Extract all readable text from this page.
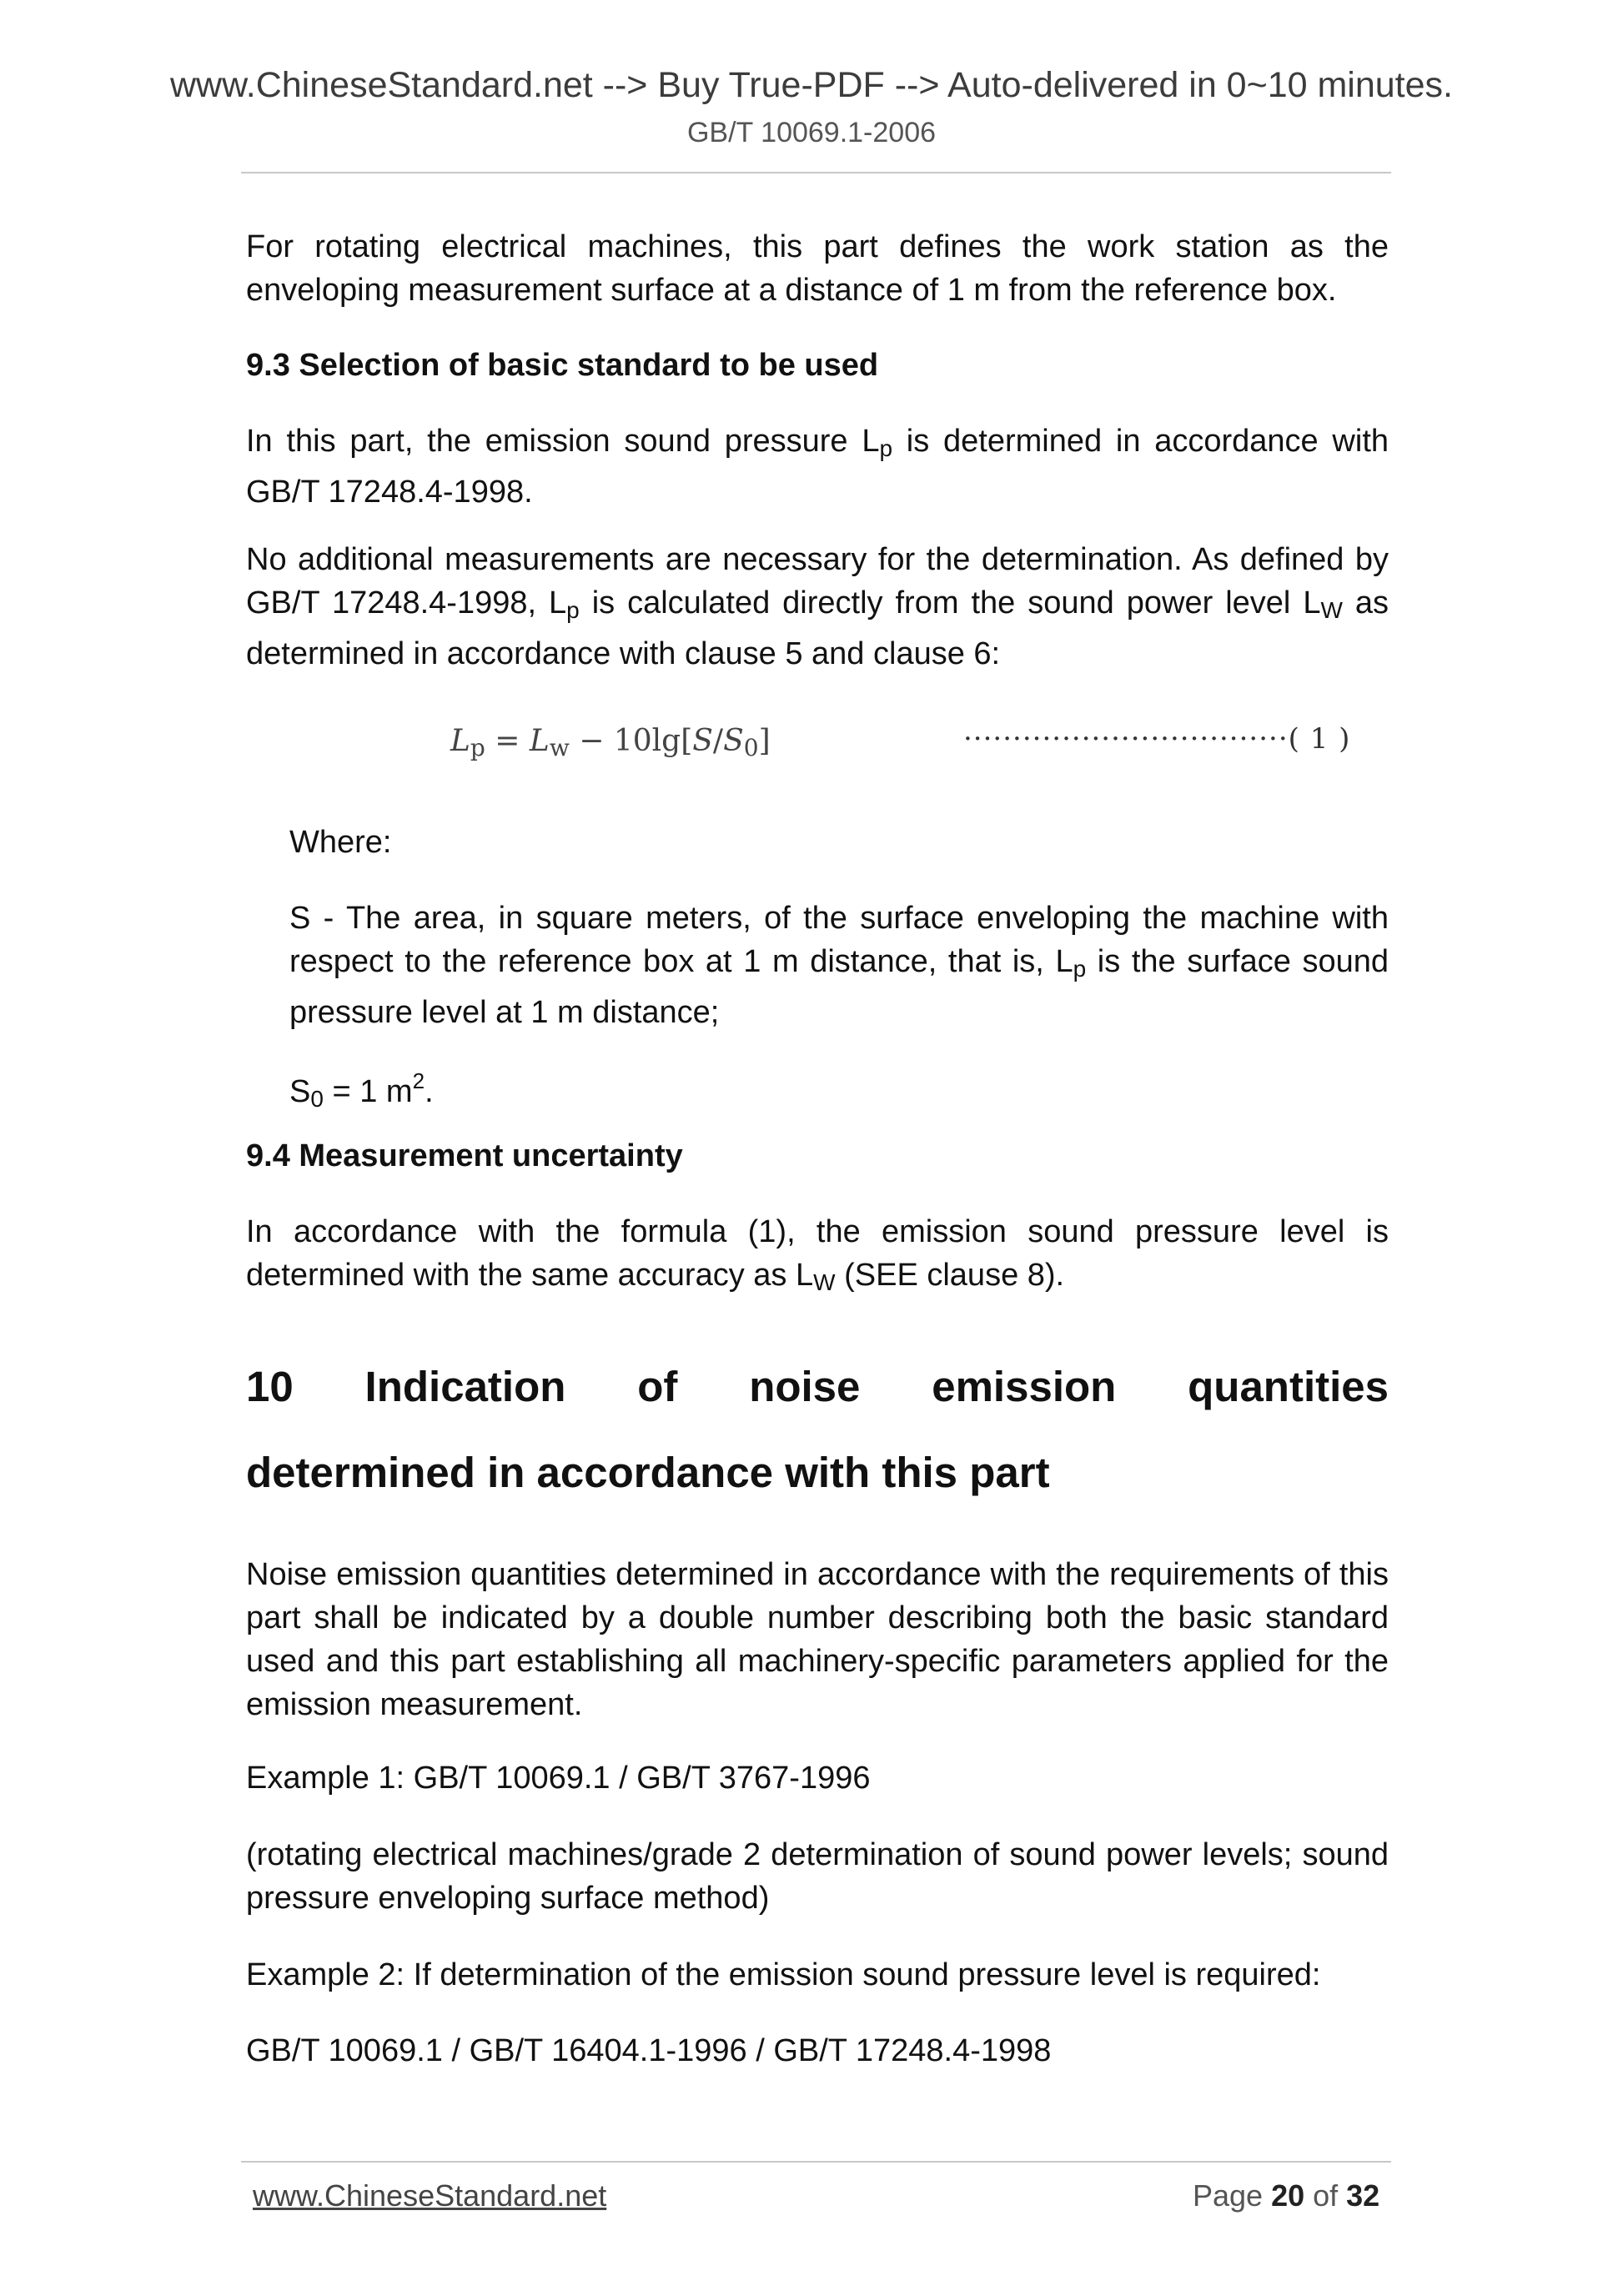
www.ChineseStandard.net --> Buy True-PDF --> Auto-delivered in 0~10 minutes.
GB/T 10069.1-2006

For rotating electrical machines, this part defines the work station as the enveloping measurement surface at a distance of 1 m from the reference box.

9.3 Selection of basic standard to be used

In this part, the emission sound pressure $L_p$ is determined in accordance with GB/T 17248.4-1998.

No additional measurements are necessary for the determination. As defined by GB/T 17248.4-1998, $L_p$ is calculated directly from the sound power level $L_W$ as determined in accordance with clause 5 and clause 6:

$L_p = L_w - 10\lg[S/S_0]$	·································( 1 )

Where:

S - The area, in square meters, of the surface enveloping the machine with respect to the reference box at 1 m distance, that is, $L_p$ is the surface sound pressure level at 1 m distance;

$S_0 = 1$ $m^2$.

9.4 Measurement uncertainty

In accordance with the formula (1), the emission sound pressure level is determined with the same accuracy as $L_W$ (SEE clause 8).

10 Indication of noise emission quantities
determined in accordance with this part

Noise emission quantities determined in accordance with the requirements of this part shall be indicated by a double number describing both the basic standard used and this part establishing all machinery-specific parameters applied for the emission measurement.

Example 1: GB/T 10069.1 / GB/T 3767-1996

(rotating electrical machines/grade 2 determination of sound power levels; sound pressure enveloping surface method)

Example 2: If determination of the emission sound pressure level is required:

GB/T 10069.1 / GB/T 16404.1-1996 / GB/T 17248.4-1998

www.ChineseStandard.net	Page 20 of 32
